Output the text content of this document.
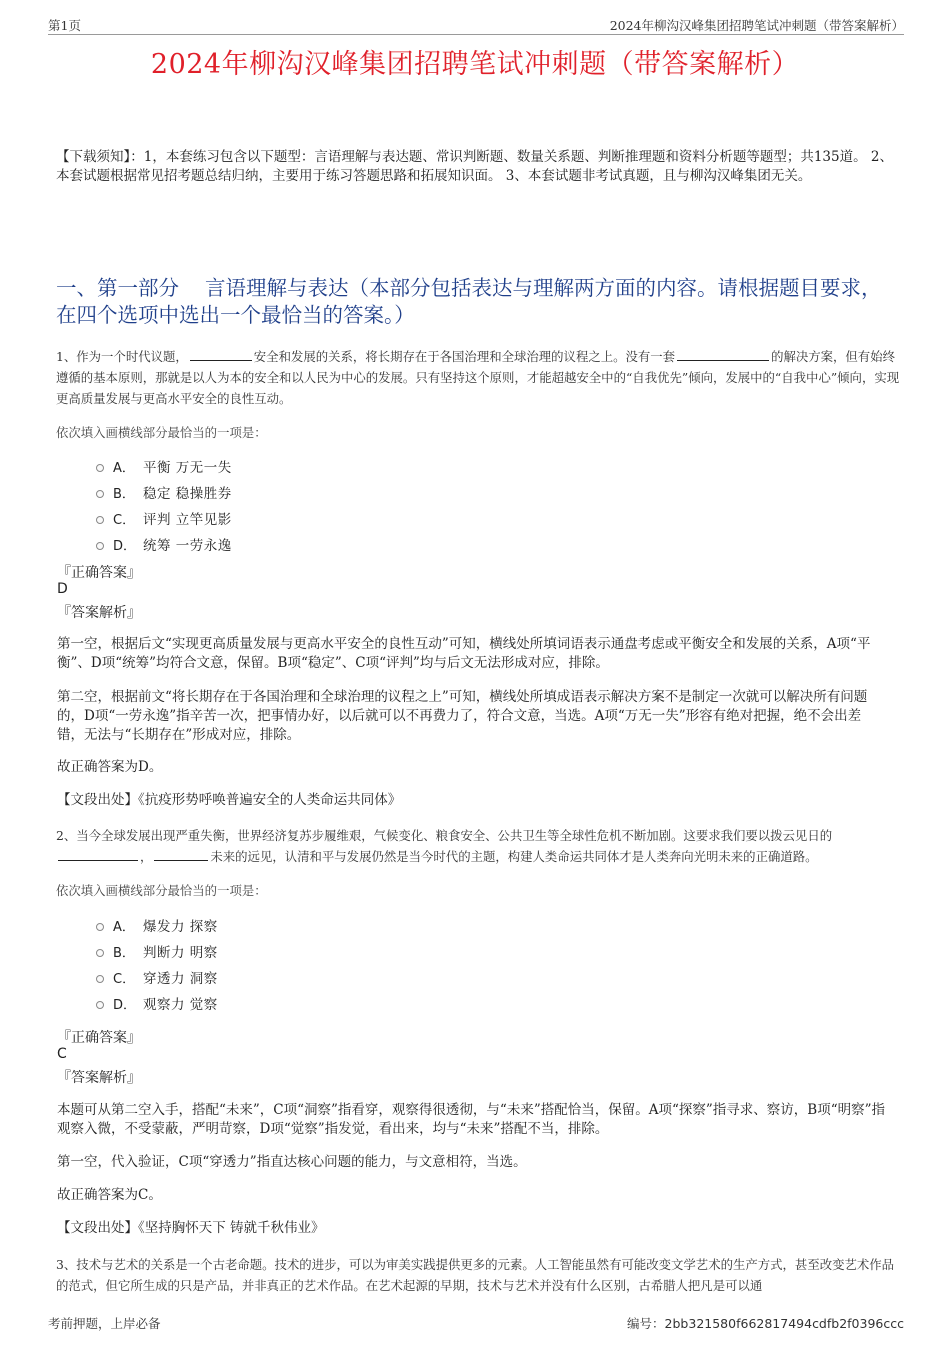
第1页	2024年柳沟汉峰集团招聘笔试冲刺题（带答案解析）
2024年柳沟汉峰集团招聘笔试冲刺题（带答案解析）

【下载须知】：1，本套练习包含以下题型：言语理解与表达题、常识判断题、数量关系题、判断推理题和资料分析题等题型；共135道。 2、本套试题根据常见招考题总结归纳，主要用于练习答题思路和拓展知识面。 3、本套试题非考试真题，且与柳沟汉峰集团无关。

一、第一部分 言语理解与表达（本部分包括表达与理解两方面的内容。请根据题目要求，在四个选项中选出一个最恰当的答案。）

1、作为一个时代议题，	安全和发展的关系，将长期存在于各国治理和全球治理的议程之上。没有一套	的解决方案，但有始终遵循的基本原则，那就是以人为本的安全和以人民为中心的发展。只有坚持这个原则，才能超越安全中的“自我优先”倾向，发展中的“自我中心”倾向，实现更高质量发展与更高水平安全的良性互动。

依次填入画横线部分最恰当的一项是：

A． 平衡 万无一失
B． 稳定 稳操胜券
C． 评判 立竿见影
D． 统筹 一劳永逸

『正确答案』

D

『答案解析』

第一空，根据后文“实现更高质量发展与更高水平安全的良性互动”可知，横线处所填词语表示通盘考虑或平衡安全和发展的关系，A项“平衡”、D项“统筹”均符合文意，保留。B项“稳定”、C项“评判”均与后文无法形成对应，排除。

第二空，根据前文“将长期存在于各国治理和全球治理的议程之上”可知，横线处所填成语表示解决方案不是制定一次就可以解决所有问题的，D项“一劳永逸”指辛苦一次，把事情办好，以后就可以不再费力了，符合文意，当选。A项“万无一失”形容有绝对把握，绝不会出差错，无法与“长期存在”形成对应，排除。

故正确答案为D。

【文段出处】《抗疫形势呼唤普遍安全的人类命运共同体》

2、当今全球发展出现严重失衡，世界经济复苏步履维艰，气候变化、粮食安全、公共卫生等全球性危机不断加剧。这要求我们要以拨云见日的，	未来的远见，认清和平与发展仍然是当今时代的主题，构建人类命运共同体才是人类奔向光明未来的正确道路。

依次填入画横线部分最恰当的一项是：

A． 爆发力 探察
B． 判断力 明察
C． 穿透力 洞察
D． 观察力 觉察

『正确答案』

C

『答案解析』

本题可从第二空入手，搭配“未来”，C项“洞察”指看穿，观察得很透彻，与“未来”搭配恰当，保留。A项“探察”指寻求、察访，B项“明察”指观察入微，不受蒙蔽，严明苛察，D项“觉察”指发觉，看出来，均与“未来”搭配不当，排除。

第一空，代入验证，C项“穿透力”指直达核心问题的能力，与文意相符，当选。

故正确答案为C。

【文段出处】《坚持胸怀天下 铸就千秋伟业》

3、技术与艺术的关系是一个古老命题。技术的进步，可以为审美实践提供更多的元素。人工智能虽然有可能改变文学艺术的生产方式，甚至改变艺术作品的范式，但它所生成的只是产品，并非真正的艺术作品。在艺术起源的早期，技术与艺术并没有什么区别，古希腊人把凡是可以通

考前押题，上岸必备	编号：2bb321580f662817494cdfb2f0396ccc
